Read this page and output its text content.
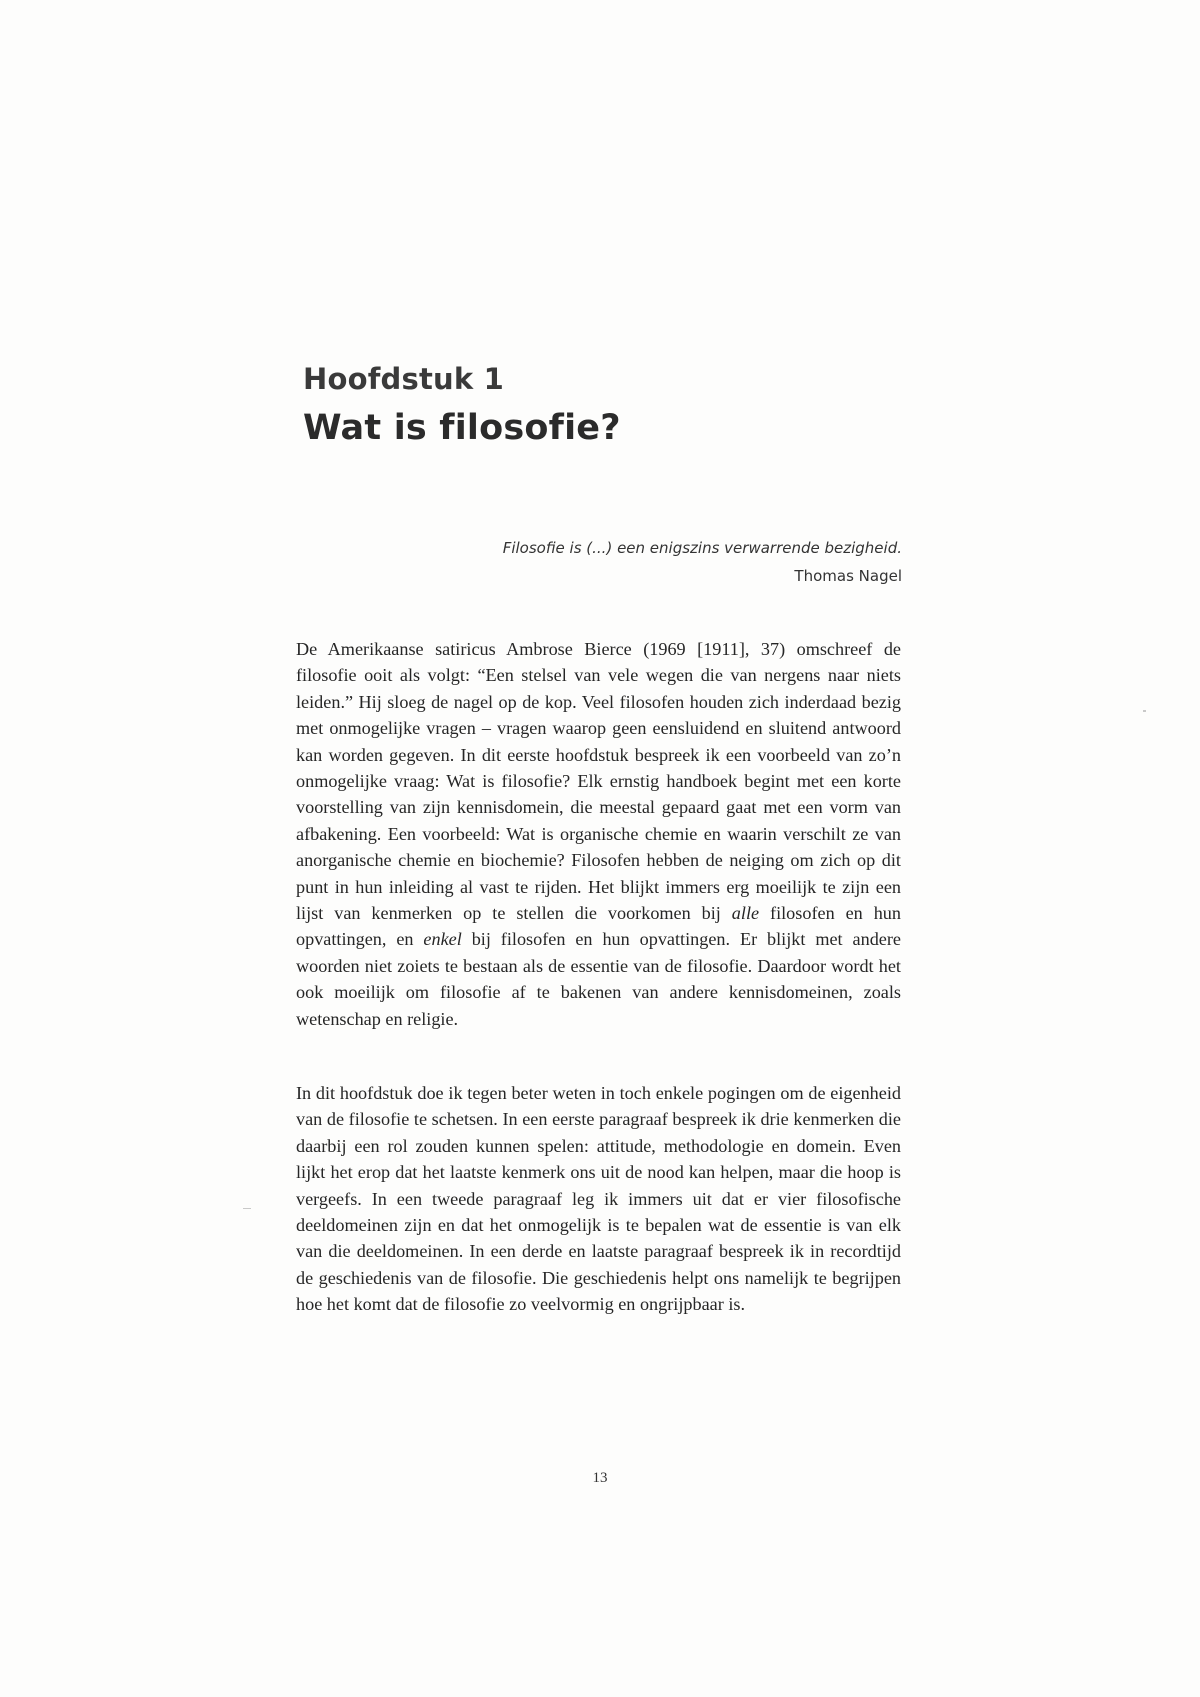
Hoofdstuk 1
Wat is filosofie?
Filosofie is (...) een enigszins verwarrende bezigheid.
Thomas Nagel

De Amerikaanse satiricus Ambrose Bierce (1969 [1911], 37) omschreef de filosofie ooit als volgt: “Een stelsel van vele wegen die van nergens naar niets leiden.” Hij sloeg de nagel op de kop. Veel filosofen houden zich inderdaad bezig met onmogelijke vragen – vragen waarop geen eensluidend en sluitend antwoord kan worden gegeven. In dit eerste hoofdstuk bespreek ik een voorbeeld van zo’n onmogelijke vraag: Wat is filosofie? Elk ernstig handboek begint met een korte voorstelling van zijn kennisdomein, die meestal gepaard gaat met een vorm van afbakening. Een voorbeeld: Wat is organische chemie en waarin verschilt ze van anorganische chemie en biochemie? Filosofen hebben de neiging om zich op dit punt in hun inleiding al vast te rijden. Het blijkt immers erg moeilijk te zijn een lijst van kenmerken op te stellen die voorkomen bij alle filosofen en hun opvattingen, en enkel bij filosofen en hun opvattingen. Er blijkt met andere woorden niet zoiets te bestaan als de essentie van de filosofie. Daardoor wordt het ook moeilijk om filosofie af te bakenen van andere kennisdomeinen, zoals wetenschap en religie.

In dit hoofdstuk doe ik tegen beter weten in toch enkele pogingen om de eigenheid van de filosofie te schetsen. In een eerste paragraaf bespreek ik drie kenmerken die daarbij een rol zouden kunnen spelen: attitude, methodologie en domein. Even lijkt het erop dat het laatste kenmerk ons uit de nood kan helpen, maar die hoop is vergeefs. In een tweede paragraaf leg ik immers uit dat er vier filosofische deeldomeinen zijn en dat het onmogelijk is te bepalen wat de essentie is van elk van die deeldomeinen. In een derde en laatste paragraaf bespreek ik in recordtijd de geschiedenis van de filosofie. Die geschiedenis helpt ons namelijk te begrijpen hoe het komt dat de filosofie zo veelvormig en ongrijpbaar is.

13
